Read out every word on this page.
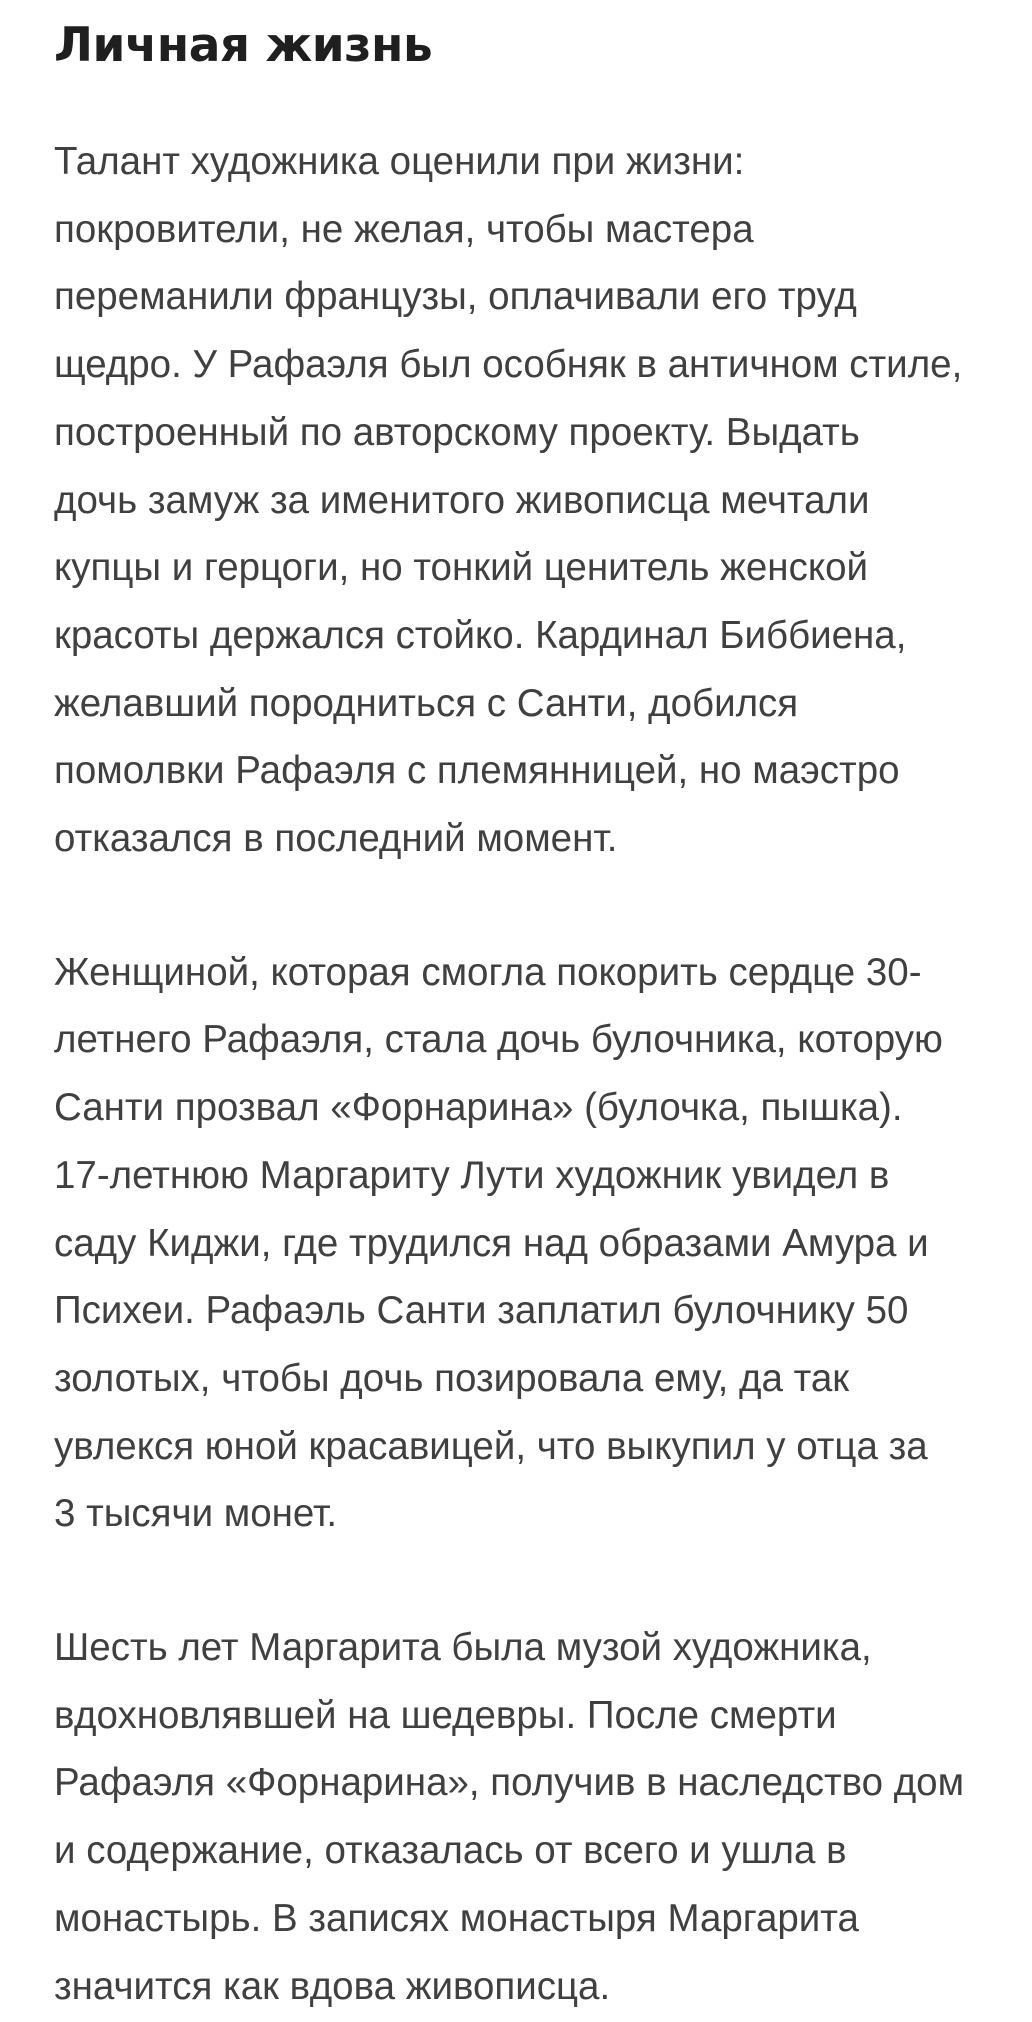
Личная жизнь

Талант художника оценили при жизни:
покровители, не желая, чтобы мастера
переманили французы, оплачивали его труд
щедро. У Рафаэля был особняк в античном стиле,
построенный по авторскому проекту. Выдать
дочь замуж за именитого живописца мечтали
купцы и герцоги, но тонкий ценитель женской
красоты держался стойко. Кардинал Биббиена,
желавший породниться с Санти, добился
помолвки Рафаэля с племянницей, но маэстро
отказался в последний момент.

Женщиной, которая смогла покорить сердце 30-
летнего Рафаэля, стала дочь булочника, которую
Санти прозвал «Форнарина» (булочка, пышка).
17-летнюю Маргариту Лути художник увидел в
саду Киджи, где трудился над образами Амура и
Психеи. Рафаэль Санти заплатил булочнику 50
золотых, чтобы дочь позировала ему, да так
увлекся юной красавицей, что выкупил у отца за
3 тысячи монет.

Шесть лет Маргарита была музой художника,
вдохновлявшей на шедевры. После смерти
Рафаэля «Форнарина», получив в наследство дом
и содержание, отказалась от всего и ушла в
монастырь. В записях монастыря Маргарита
значится как вдова живописца.
